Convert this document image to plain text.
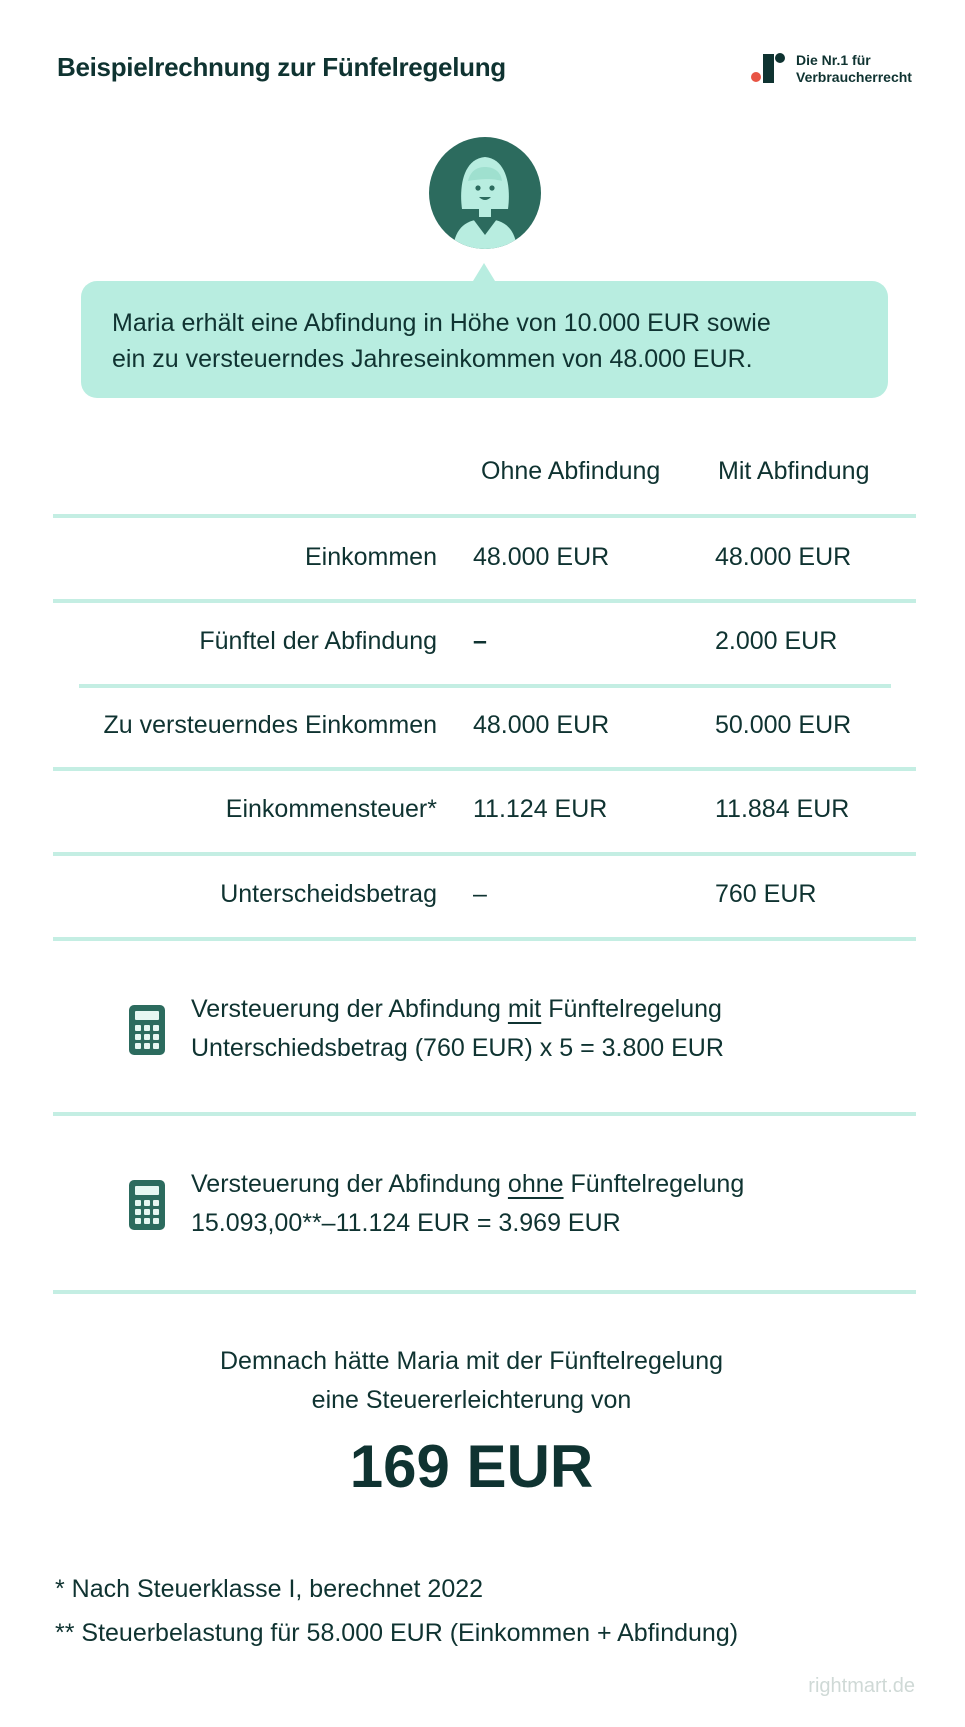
Beispielrechnung zur Fünfelregelung	Die Nr.1 für
Verbraucherrecht
Maria erhält eine Abfindung in Höhe von 10.000 EUR sowie
ein zu versteuerndes Jahreseinkommen von 48.000 EUR.
Ohne Abfindung Mit Abfindung
Einkommen 48.000 EUR	48.000 EUR
Fünftel der Abfindung –	2.000 EUR
Zu versteuerndes Einkommen 48.000 EUR	50.000 EUR
Einkommensteuer* 11.124 EUR	11.884 EUR
Unterscheidsbetrag –	760 EUR
Versteuerung der Abfindung mit Fünftelregelung
Unterschiedsbetrag (760 EUR) x 5 = 3.800 EUR
Versteuerung der Abfindung ohne Fünftelregelung
15.093,00**–11.124 EUR = 3.969 EUR
Demnach hätte Maria mit der Fünftelregelung
eine Steuererleichterung von
169 EUR
* Nach Steuerklasse I, berechnet 2022
** Steuerbelastung für 58.000 EUR (Einkommen + Abfindung)
rightmart.de
